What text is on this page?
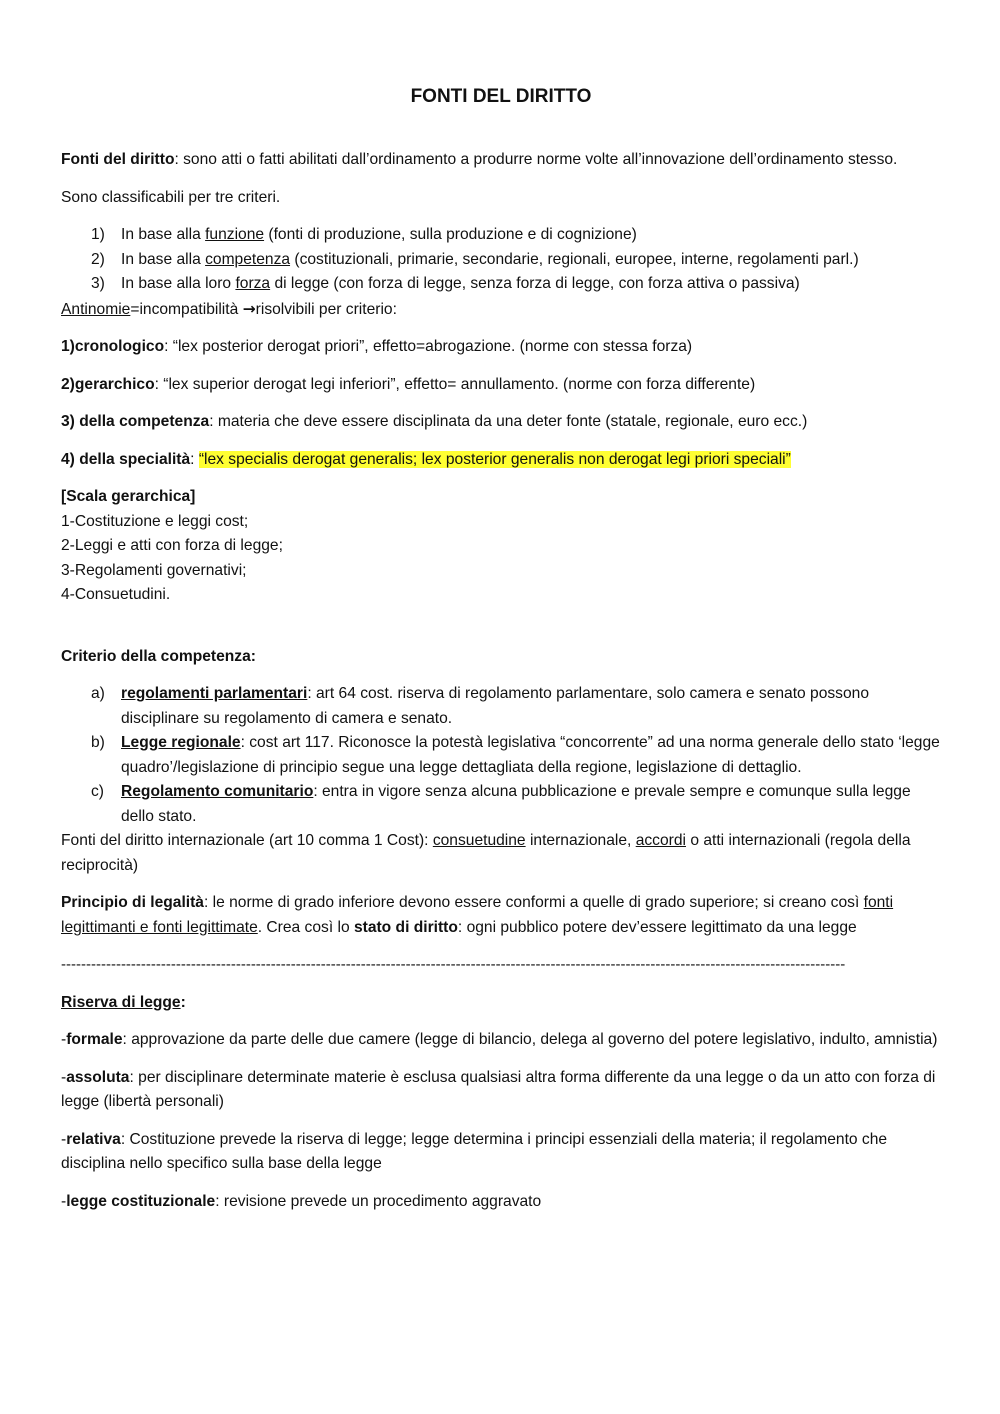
FONTI DEL DIRITTO

Fonti del diritto: sono atti o fatti abilitati dall’ordinamento a produrre norme volte all’innovazione dell’ordinamento stesso.

Sono classificabili per tre criteri.

1) In base alla funzione (fonti di produzione, sulla produzione e di cognizione)
2) In base alla competenza (costituzionali, primarie, secondarie, regionali, europee, interne, regolamenti parl.)
3) In base alla loro forza di legge (con forza di legge, senza forza di legge, con forza attiva o passiva)

Antinomie=incompatibilità →risolvibili per criterio:

1)cronologico: “lex posterior derogat priori”, effetto=abrogazione. (norme con stessa forza)

2)gerarchico: “lex superior derogat legi inferiori”, effetto= annullamento. (norme con forza differente)

3) della competenza: materia che deve essere disciplinata da una deter fonte (statale, regionale, euro ecc.)

4) della specialità: “lex specialis derogat generalis; lex posterior generalis non derogat legi priori speciali”

[Scala gerarchica]
1-Costituzione e leggi cost;
2-Leggi e atti con forza di legge;
3-Regolamenti governativi;
4-Consuetudini.

Criterio della competenza:

a) regolamenti parlamentari: art 64 cost. riserva di regolamento parlamentare, solo camera e senato possono disciplinare su regolamento di camera e senato.
b) Legge regionale: cost art 117. Riconosce la potestà legislativa “concorrente” ad una norma generale dello stato ‘legge quadro’/legislazione di principio segue una legge dettagliata della regione, legislazione di dettaglio.
c) Regolamento comunitario: entra in vigore senza alcuna pubblicazione e prevale sempre e comunque sulla legge dello stato.

Fonti del diritto internazionale (art 10 comma 1 Cost): consuetudine internazionale, accordi o atti internazionali (regola della reciprocità)

Principio di legalità: le norme di grado inferiore devono essere conformi a quelle di grado superiore; si creano così fonti legittimanti e fonti legittimate. Crea così lo stato di diritto: ogni pubblico potere dev’essere legittimato da una legge

-------------------------------------------------------------------------------------------------------------------------------------------------------------

Riserva di legge:

-formale: approvazione da parte delle due camere (legge di bilancio, delega al governo del potere legislativo, indulto, amnistia)

-assoluta: per disciplinare determinate materie è esclusa qualsiasi altra forma differente da una legge o da un atto con forza di legge (libertà personali)

-relativa: Costituzione prevede la riserva di legge; legge determina i principi essenziali della materia; il regolamento che disciplina nello specifico sulla base della legge

-legge costituzionale: revisione prevede un procedimento aggravato
